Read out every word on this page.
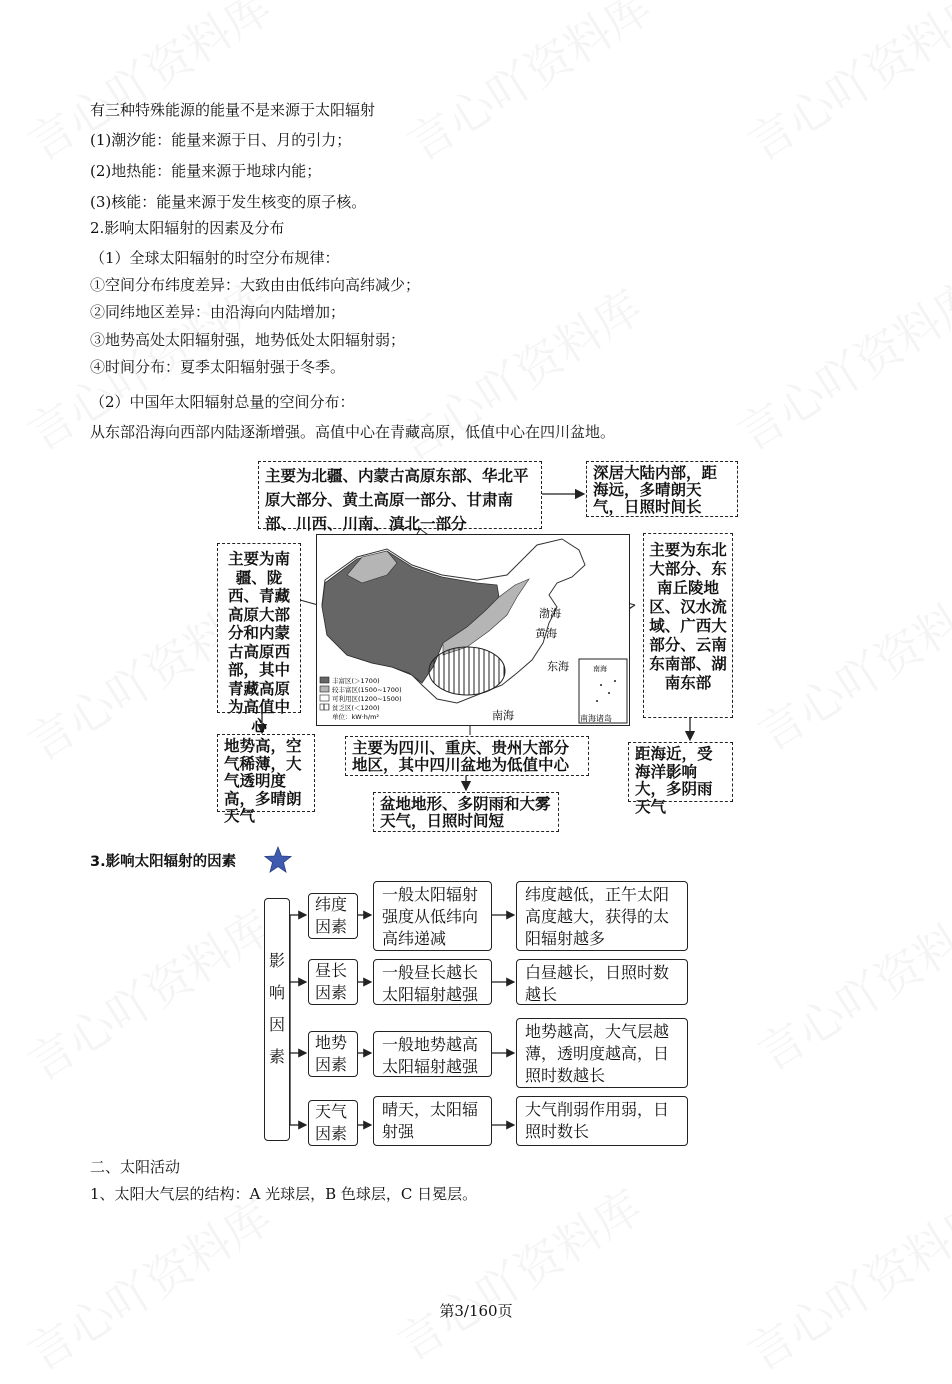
有三种特殊能源的能量不是来源于太阳辐射
(1)潮汐能：能量来源于日、月的引力；
(2)地热能：能量来源于地球内能；
(3)核能：能量来源于发生核变的原子核。
2.影响太阳辐射的因素及分布
（1）全球太阳辐射的时空分布规律：
①空间分布纬度差异：大致由由低纬向高纬减少；
②同纬地区差异：由沿海向内陆增加；
③地势高处太阳辐射强，地势低处太阳辐射弱；
④时间分布：夏季太阳辐射强于冬季。
（2）中国年太阳辐射总量的空间分布：
从东部沿海向西部内陆逐渐增强。高值中心在青藏高原，低值中心在四川盆地。
渤海
黄海
东海
南海
南海
南海诸岛
丰富区(＞1700)
较丰富区(1500~1700)
可利用区(1200~1500)
贫乏区(＜1200)
单位：kW·h/m²
主要为北疆、内蒙古高原东部、华北平原大部分、黄土高原一部分、甘肃南部、川西、川南、滇北一部分
深居大陆内部，距海远，多晴朗天气，日照时间长
主要为南疆、陇西、青藏高原大部分和内蒙古高原西部，其中青藏高原为高值中心
地势高，空气稀薄，大气透明度高，多晴朗天气
主要为东北大部分、东南丘陵地区、汉水流域、广西大部分、云南东南部、湖南东部
距海近，受海洋影响大，多阴雨天气
主要为四川、重庆、贵州大部分地区，其中四川盆地为低值中心
盆地地形、多阴雨和大雾天气，日照时间短
3.影响太阳辐射的因素
影响因素
纬度因素
一般太阳辐射强度从低纬向高纬递减
纬度越低，正午太阳高度越大，获得的太阳辐射越多
昼长因素
一般昼长越长太阳辐射越强
白昼越长，日照时数越长
地势因素
一般地势越高太阳辐射越强
地势越高，大气层越薄，透明度越高，日照时数越长
天气因素
晴天，太阳辐射强
大气削弱作用弱，日照时数长
二、太阳活动
1、太阳大气层的结构：A 光球层，B 色球层，C 日冕层。
第3/160页
